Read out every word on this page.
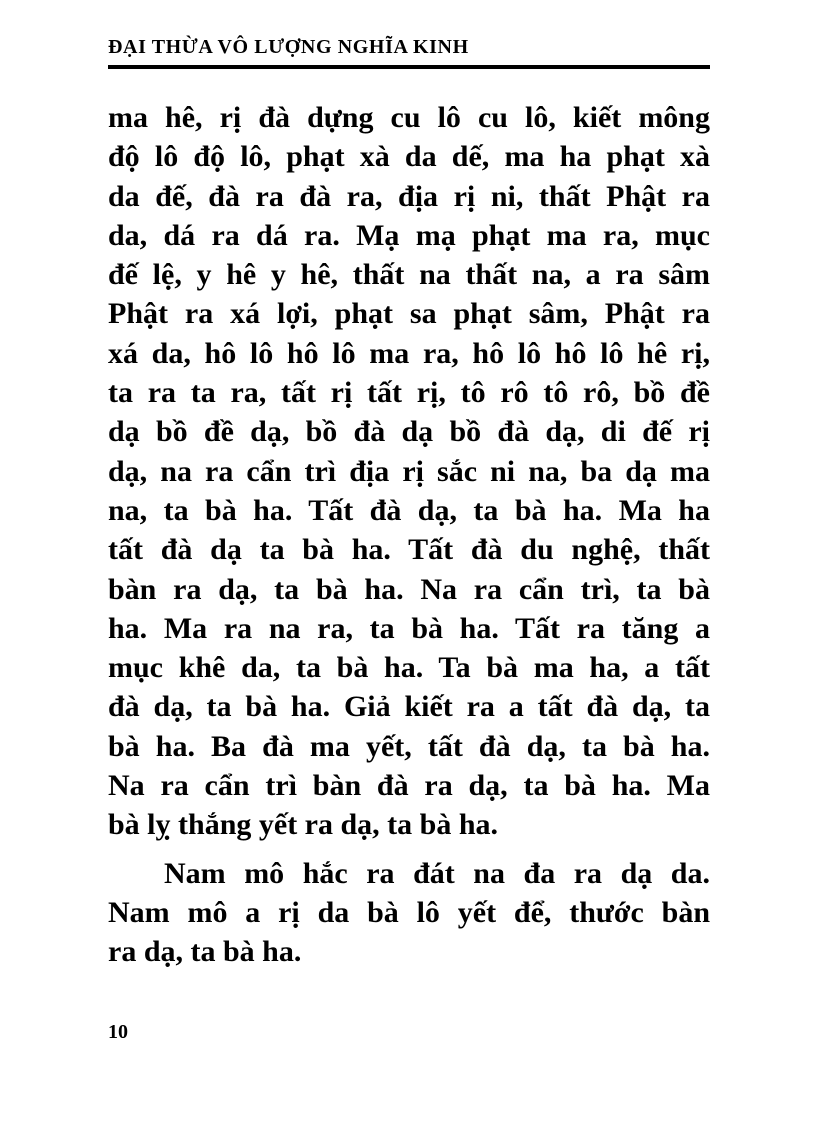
ĐẠI THỪA VÔ LƯỢNG NGHĨA KINH
ma hê, rị đà dựng cu lô cu lô, kiết mông
độ lô độ lô, phạt xà da dế, ma ha phạt xà
da đế, đà ra đà ra, địa rị ni, thất Phật ra
da, dá ra dá ra. Mạ mạ phạt ma ra, mục
đế lệ, y hê y hê, thất na thất na, a ra sâm
Phật ra xá lợi, phạt sa phạt sâm, Phật ra
xá da, hô lô hô lô ma ra, hô lô hô lô hê rị,
ta ra ta ra, tất rị tất rị, tô rô tô rô, bồ đề
dạ bồ đề dạ, bồ đà dạ bồ đà dạ, di đế rị
dạ, na ra cẩn trì địa rị sắc ni na, ba dạ ma
na, ta bà ha. Tất đà dạ, ta bà ha. Ma ha
tất đà dạ ta bà ha. Tất đà du nghệ, thất
bàn ra dạ, ta bà ha. Na ra cẩn trì, ta bà
ha. Ma ra na ra, ta bà ha. Tất ra tăng a
mục khê da, ta bà ha. Ta bà ma ha, a tất
đà dạ, ta bà ha. Giả kiết ra a tất đà dạ, ta
bà ha. Ba đà ma yết, tất đà dạ, ta bà ha.
Na ra cẩn trì bàn đà ra dạ, ta bà ha. Ma
bà lỵ thắng yết ra dạ, ta bà ha.
Nam mô hắc ra đát na đa ra dạ da.
Nam mô a rị da bà lô yết để, thước bàn
ra dạ, ta bà ha.
10
